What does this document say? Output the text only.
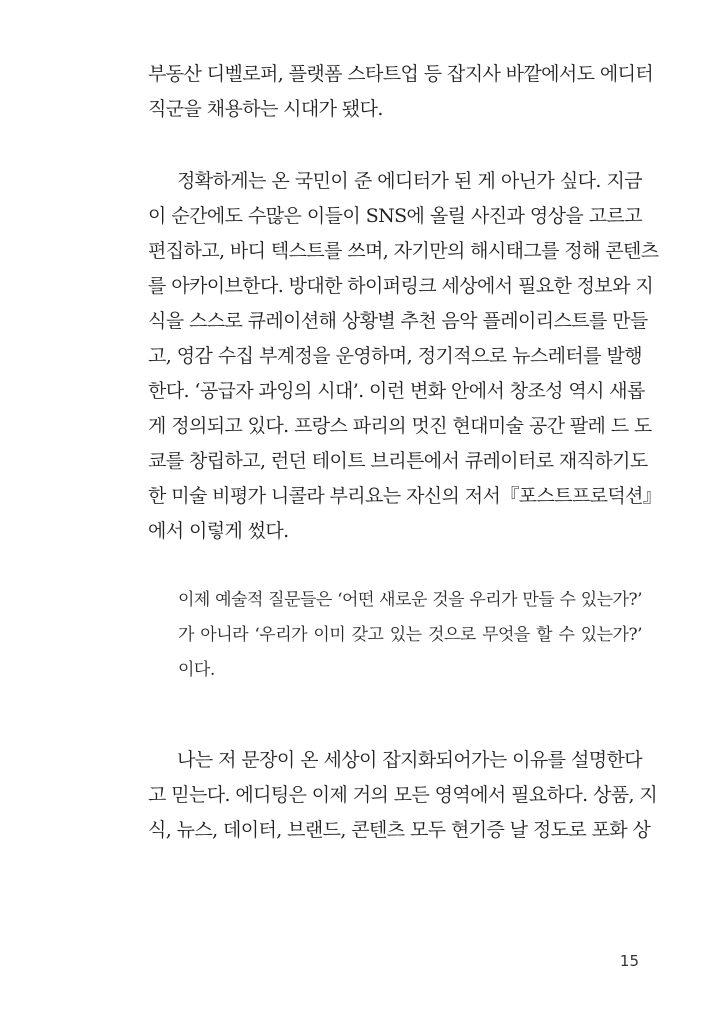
부동산 디벨로퍼, 플랫폼 스타트업 등 잡지사 바깥에서도 에디터
직군을 채용하는 시대가 됐다.
정확하게는 온 국민이 준 에디터가 된 게 아닌가 싶다. 지금
이 순간에도 수많은 이들이 SNS에 올릴 사진과 영상을 고르고
편집하고, 바디 텍스트를 쓰며, 자기만의 해시태그를 정해 콘텐츠
를 아카이브한다. 방대한 하이퍼링크 세상에서 필요한 정보와 지
식을 스스로 큐레이션해 상황별 추천 음악 플레이리스트를 만들
고, 영감 수집 부계정을 운영하며, 정기적으로 뉴스레터를 발행
한다. ‘공급자 과잉의 시대’. 이런 변화 안에서 창조성 역시 새롭
게 정의되고 있다. 프랑스 파리의 멋진 현대미술 공간 팔레 드 도
쿄를 창립하고, 런던 테이트 브리튼에서 큐레이터로 재직하기도
한 미술 비평가 니콜라 부리요는 자신의 저서『포스트프로덕션』
에서 이렇게 썼다.
이제 예술적 질문들은 ‘어떤 새로운 것을 우리가 만들 수 있는가?’
가 아니라 ‘우리가 이미 갖고 있는 것으로 무엇을 할 수 있는가?’
이다.
나는 저 문장이 온 세상이 잡지화되어가는 이유를 설명한다
고 믿는다. 에디팅은 이제 거의 모든 영역에서 필요하다. 상품, 지
식, 뉴스, 데이터, 브랜드, 콘텐츠 모두 현기증 날 정도로 포화 상
15
